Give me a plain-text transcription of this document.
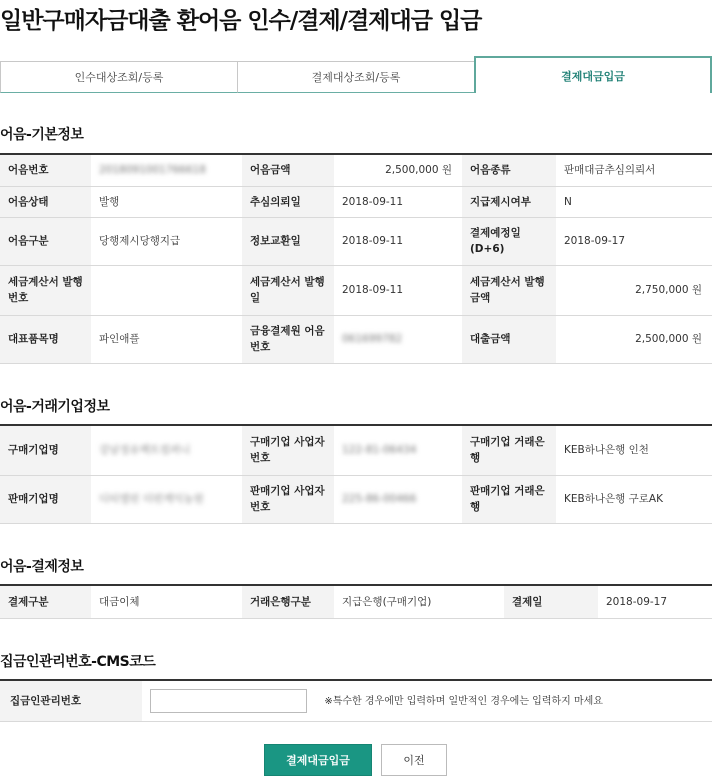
일반구매자금대출 환어음 인수/결제/결제대금 입금
인수대상조회/등록	결제대상조회/등록	결제대금입금
어음-기본정보
어음번호	2018091001766618	어음금액	2,500,000 원	어음종류	판매대금추심의뢰서
어음상태	발행	추심의뢰일	2018-09-11	지급제시여부	N
어음구분	당행제시당행지급	정보교환일	2018-09-11	결제예정일 (D+6)	2018-09-17
세금계산서 발행번호		세금계산서 발행일	2018-09-11	세금계산서 발행금액	2,750,000 원
대표품목명	파인애플	금융결제원 어음번호	061699782	대출금액	2,500,000 원
어음-거래기업정보
구매기업명	강남정유팩트컴퍼니	구매기업 사업자번호	122-81-06434	구매기업 거래은행	KEB하나은행 인천
판매기업명	디티엘린 더펀케익농원	판매기업 사업자번호	225-86-00466	판매기업 거래은행	KEB하나은행 구로AK
어음-결제정보
결제구분	대금이체	거래은행구분	지급은행(구매기업)	결제일	2018-09-17
집금인관리번호-CMS코드
집금인관리번호	※특수한 경우에만 입력하며 일반적인 경우에는 입력하지 마세요
결제대금입금	이전
